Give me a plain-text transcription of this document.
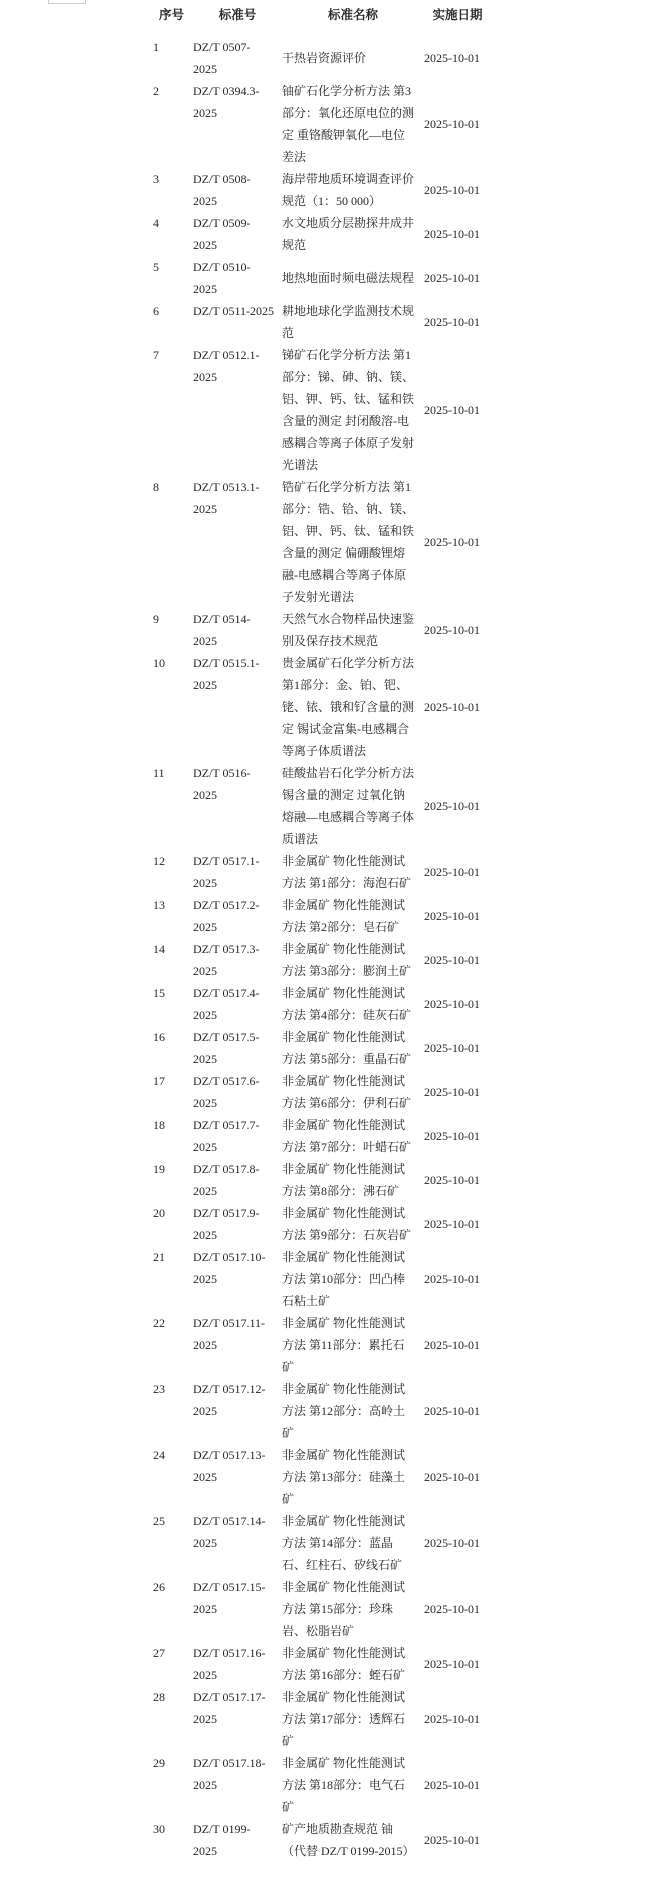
序号	标准号	标准名称	实施日期
1	DZ/T 0507-2025	干热岩资源评价	2025-10-01
2	DZ/T 0394.3-2025	铀矿石化学分析方法 第3部分：氧化还原电位的测定 重铬酸钾氧化—电位差法	2025-10-01
3	DZ/T 0508-2025	海岸带地质环境调查评价规范（1：50 000）	2025-10-01
4	DZ/T 0509-2025	水文地质分层勘探井成井规范	2025-10-01
5	DZ/T 0510-2025	地热地面时频电磁法规程	2025-10-01
6	DZ/T 0511-2025	耕地地球化学监测技术规范	2025-10-01
7	DZ/T 0512.1-2025	锑矿石化学分析方法 第1部分：锑、砷、钠、镁、铝、钾、钙、钛、锰和铁含量的测定 封闭酸溶-电感耦合等离子体原子发射光谱法	2025-10-01
8	DZ/T 0513.1-2025	锆矿石化学分析方法 第1部分：锆、铪、钠、镁、铝、钾、钙、钛、锰和铁含量的测定 偏硼酸锂熔融-电感耦合等离子体原子发射光谱法	2025-10-01
9	DZ/T 0514-2025	天然气水合物样品快速鉴别及保存技术规范	2025-10-01
10	DZ/T 0515.1-2025	贵金属矿石化学分析方法 第1部分：金、铂、钯、铑、铱、锇和钌含量的测定 锡试金富集-电感耦合等离子体质谱法	2025-10-01
11	DZ/T 0516-2025	硅酸盐岩石化学分析方法 锡含量的测定 过氧化钠熔融—电感耦合等离子体质谱法	2025-10-01
12	DZ/T 0517.1-2025	非金属矿 物化性能测试方法 第1部分：海泡石矿	2025-10-01
13	DZ/T 0517.2-2025	非金属矿 物化性能测试方法 第2部分：皂石矿	2025-10-01
14	DZ/T 0517.3-2025	非金属矿 物化性能测试方法 第3部分：膨润土矿	2025-10-01
15	DZ/T 0517.4-2025	非金属矿 物化性能测试方法 第4部分：硅灰石矿	2025-10-01
16	DZ/T 0517.5-2025	非金属矿 物化性能测试方法 第5部分：重晶石矿	2025-10-01
17	DZ/T 0517.6-2025	非金属矿 物化性能测试方法 第6部分：伊利石矿	2025-10-01
18	DZ/T 0517.7-2025	非金属矿 物化性能测试方法 第7部分：叶蜡石矿	2025-10-01
19	DZ/T 0517.8-2025	非金属矿 物化性能测试方法 第8部分：沸石矿	2025-10-01
20	DZ/T 0517.9-2025	非金属矿 物化性能测试方法 第9部分：石灰岩矿	2025-10-01
21	DZ/T 0517.10-2025	非金属矿 物化性能测试方法 第10部分：凹凸棒石粘土矿	2025-10-01
22	DZ/T 0517.11-2025	非金属矿 物化性能测试方法 第11部分：累托石矿	2025-10-01
23	DZ/T 0517.12-2025	非金属矿 物化性能测试方法 第12部分：高岭土矿	2025-10-01
24	DZ/T 0517.13-2025	非金属矿 物化性能测试方法 第13部分：硅藻土矿	2025-10-01
25	DZ/T 0517.14-2025	非金属矿 物化性能测试方法 第14部分：蓝晶石、红柱石、矽线石矿	2025-10-01
26	DZ/T 0517.15-2025	非金属矿 物化性能测试方法 第15部分：珍珠岩、松脂岩矿	2025-10-01
27	DZ/T 0517.16-2025	非金属矿 物化性能测试方法 第16部分：蛭石矿	2025-10-01
28	DZ/T 0517.17-2025	非金属矿 物化性能测试方法 第17部分：透辉石矿	2025-10-01
29	DZ/T 0517.18-2025	非金属矿 物化性能测试方法 第18部分：电气石矿	2025-10-01
30	DZ/T 0199-2025	矿产地质勘查规范 铀（代替 DZ/T 0199-2015）	2025-10-01
